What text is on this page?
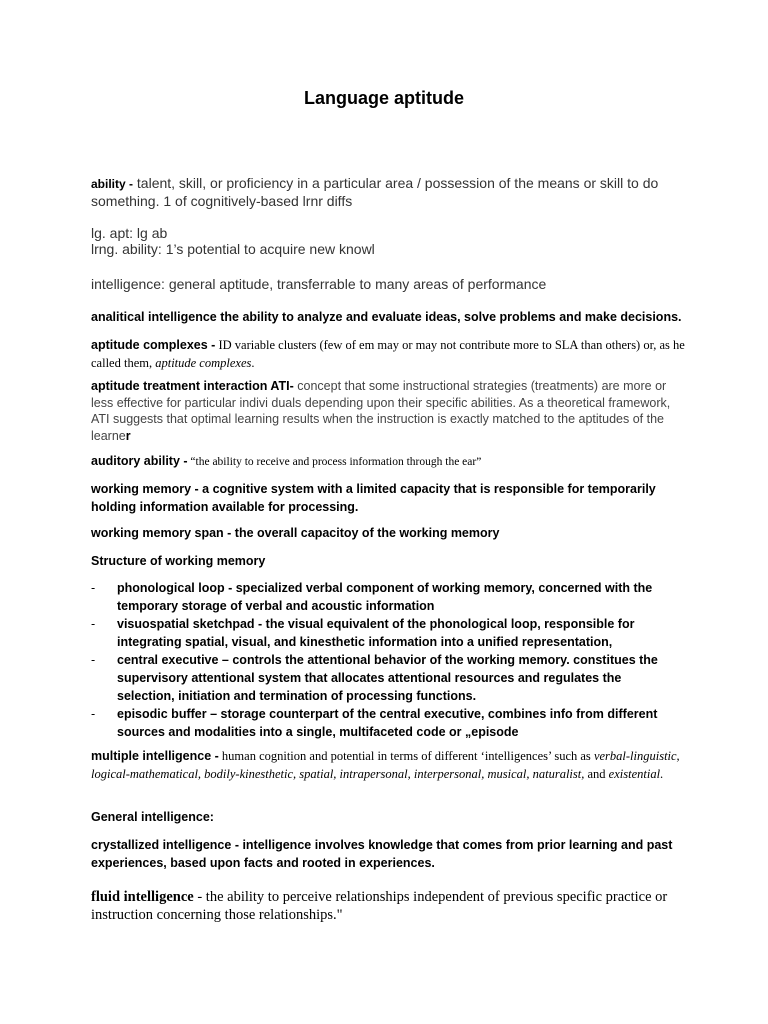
Language aptitude
ability - talent, skill, or proficiency in a particular area / possession of the means or skill to do something. 1 of cognitively-based lrnr diffs
lg. apt: lg ab
lrng. ability: 1’s potential to acquire new knowl
intelligence: general aptitude, transferrable to many areas of performance
analitical intelligence the ability to analyze and evaluate ideas, solve problems and make decisions.
aptitude complexes - ID variable clusters (few of em may or may not contribute more to SLA than others) or, as he called them, aptitude complexes.
aptitude treatment interaction ATI- concept that some instructional strategies (treatments) are more or less effective for particular indivi duals depending upon their specific abilities. As a theoretical framework, ATI suggests that optimal learning results when the instruction is exactly matched to the aptitudes of the learner
auditory ability - “the ability to receive and process information through the ear”
working memory - a cognitive system with a limited capacity that is responsible for temporarily holding information available for processing.
working memory span - the overall capacitoy of the working memory
Structure of working memory
- phonological loop - specialized verbal component of working memory, concerned with the temporary storage of verbal and acoustic information
- visuospatial sketchpad - the visual equivalent of the phonological loop, responsible for integrating spatial, visual, and kinesthetic information into a unified representation,
- central executive – controls the attentional behavior of the working memory. constitues the supervisory attentional system that allocates attentional resources and regulates the selection, initiation and termination of processing functions.
- episodic buffer – storage counterpart of the central executive, combines info from different sources and modalities into a single, multifaceted code or „episode
multiple intelligence - human cognition and potential in terms of different ‘intelligences’ such as verbal-linguistic, logical-mathematical, bodily-kinesthetic, spatial, intrapersonal, interpersonal, musical, naturalist, and existential.
General intelligence:
crystallized intelligence - intelligence involves knowledge that comes from prior learning and past experiences, based upon facts and rooted in experiences.
fluid intelligence - the ability to perceive relationships independent of previous specific practice or instruction concerning those relationships."
